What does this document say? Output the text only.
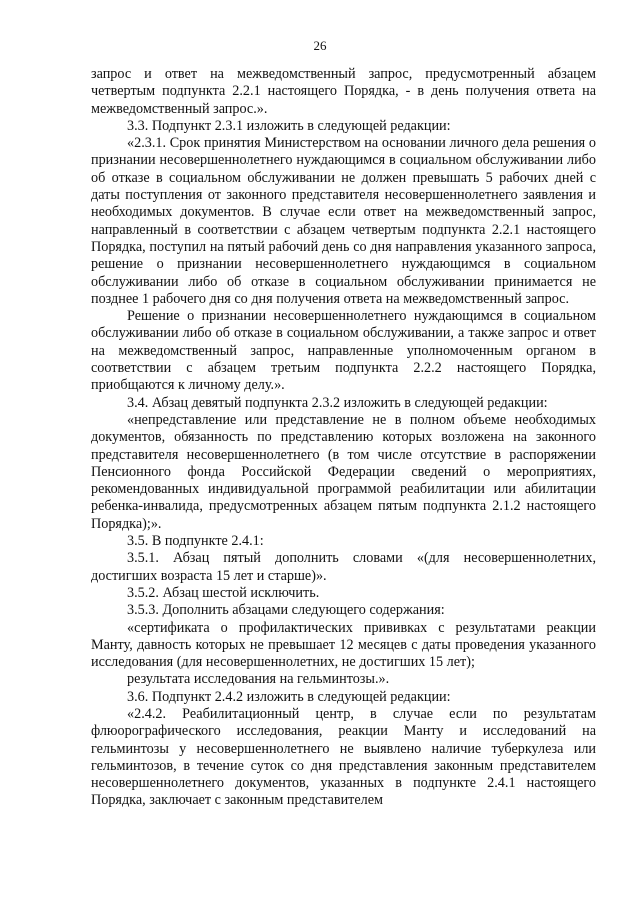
26

запрос и ответ на межведомственный запрос, предусмотренный абзацем четвертым подпункта 2.2.1 настоящего Порядка, - в день получения ответа на межведомственный запрос.».

3.3. Подпункт 2.3.1 изложить в следующей редакции:

«2.3.1. Срок принятия Министерством на основании личного дела решения о признании несовершеннолетнего нуждающимся в социальном обслуживании либо об отказе в социальном обслуживании не должен превышать 5 рабочих дней с даты поступления от законного представителя несовершеннолетнего заявления и необходимых документов. В случае если ответ на межведомственный запрос, направленный в соответствии с абзацем четвертым подпункта 2.2.1 настоящего Порядка, поступил на пятый рабочий день со дня направления указанного запроса, решение о признании несовершеннолетнего нуждающимся в социальном обслуживании либо об отказе в социальном обслуживании принимается не позднее 1 рабочего дня со дня получения ответа на межведомственный запрос.

Решение о признании несовершеннолетнего нуждающимся в социальном обслуживании либо об отказе в социальном обслуживании, а также запрос и ответ на межведомственный запрос, направленные уполномоченным органом в соответствии с абзацем третьим подпункта 2.2.2 настоящего Порядка, приобщаются к личному делу.».

3.4. Абзац девятый подпункта 2.3.2 изложить в следующей редакции:

«непредставление или представление не в полном объеме необходимых документов, обязанность по представлению которых возложена на законного представителя несовершеннолетнего (в том числе отсутствие в распоряжении Пенсионного фонда Российской Федерации сведений о мероприятиях, рекомендованных индивидуальной программой реабилитации или абилитации ребенка-инвалида, предусмотренных абзацем пятым подпункта 2.1.2 настоящего Порядка);».

3.5. В подпункте 2.4.1:

3.5.1. Абзац пятый дополнить словами «(для несовершеннолетних, достигших возраста 15 лет и старше)».

3.5.2. Абзац шестой исключить.

3.5.3. Дополнить абзацами следующего содержания:

«сертификата о профилактических прививках с результатами реакции Манту, давность которых не превышает 12 месяцев с даты проведения указанного исследования (для несовершеннолетних, не достигших 15 лет);

результата исследования на гельминтозы.».

3.6. Подпункт 2.4.2 изложить в следующей редакции:

«2.4.2. Реабилитационный центр, в случае если по результатам флюорографического исследования, реакции Манту и исследований на гельминтозы у несовершеннолетнего не выявлено наличие туберкулеза или гельминтозов, в течение суток со дня представления законным представителем несовершеннолетнего документов, указанных в подпункте 2.4.1 настоящего Порядка, заключает с законным представителем
